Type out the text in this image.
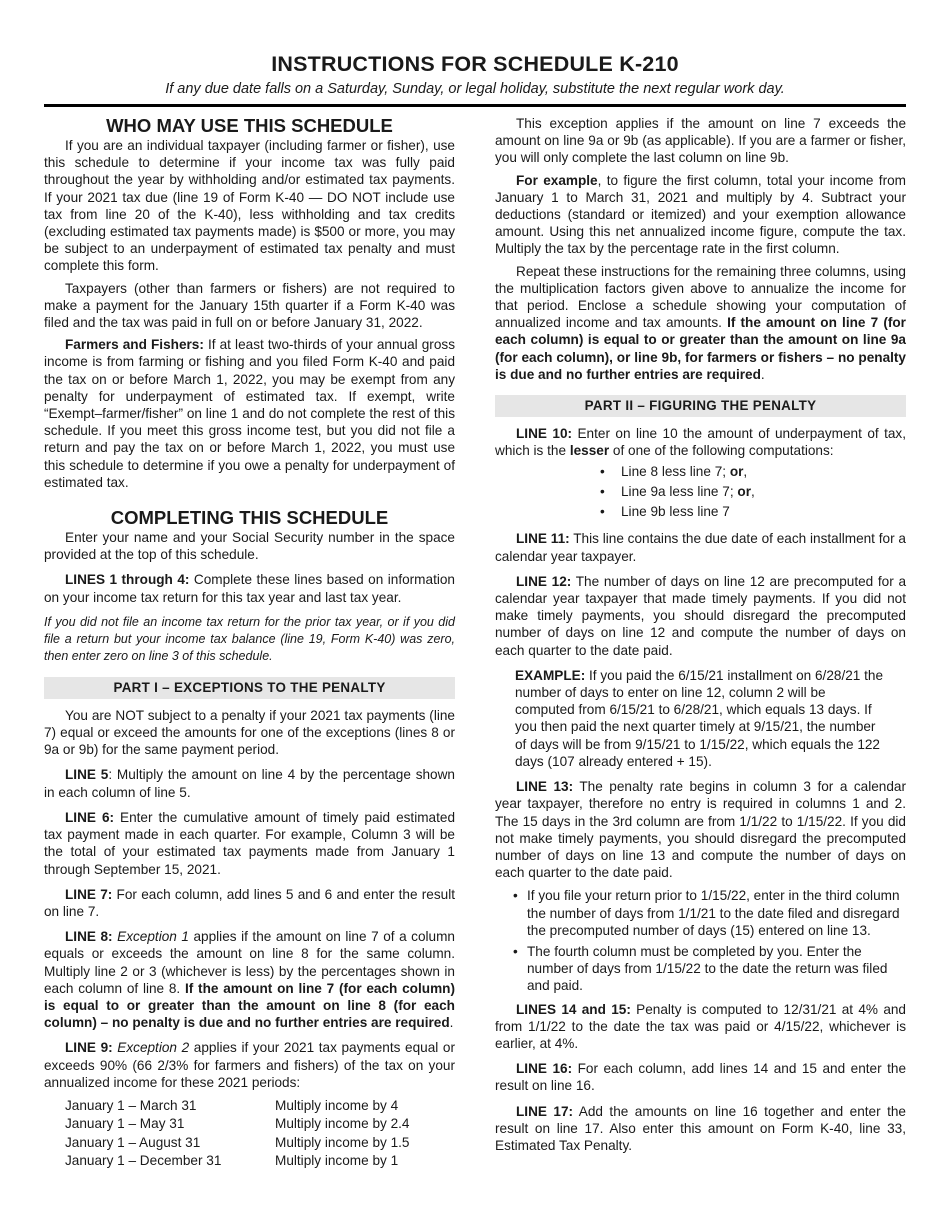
INSTRUCTIONS FOR SCHEDULE K-210
If any due date falls on a Saturday, Sunday, or legal holiday, substitute the next regular work day.
WHO MAY USE THIS SCHEDULE

If you are an individual taxpayer (including farmer or fisher), use this schedule to determine if your income tax was fully paid throughout the year by withholding and/or estimated tax payments. If your 2021 tax due (line 19 of Form K-40 — DO NOT include use tax from line 20 of the K-40), less withholding and tax credits (excluding estimated tax payments made) is $500 or more, you may be subject to an underpayment of estimated tax penalty and must complete this form.

Taxpayers (other than farmers or fishers) are not required to make a payment for the January 15th quarter if a Form K-40 was filed and the tax was paid in full on or before January 31, 2022.

Farmers and Fishers: If at least two-thirds of your annual gross income is from farming or fishing and you filed Form K-40 and paid the tax on or before March 1, 2022, you may be exempt from any penalty for underpayment of estimated tax. If exempt, write “Exempt–farmer/fisher” on line 1 and do not complete the rest of this schedule. If you meet this gross income test, but you did not file a return and pay the tax on or before March 1, 2022, you must use this schedule to determine if you owe a penalty for underpayment of estimated tax.

COMPLETING THIS SCHEDULE

Enter your name and your Social Security number in the space provided at the top of this schedule.

LINES 1 through 4: Complete these lines based on information on your income tax return for this tax year and last tax year.

If you did not file an income tax return for the prior tax year, or if you did file a return but your income tax balance (line 19, Form K-40) was zero, then enter zero on line 3 of this schedule.

PART I – EXCEPTIONS TO THE PENALTY

You are NOT subject to a penalty if your 2021 tax payments (line 7) equal or exceed the amounts for one of the exceptions (lines 8 or 9a or 9b) for the same payment period.

LINE 5: Multiply the amount on line 4 by the percentage shown in each column of line 5.

LINE 6: Enter the cumulative amount of timely paid estimated tax payment made in each quarter. For example, Column 3 will be the total of your estimated tax payments made from January 1 through September 15, 2021.

LINE 7: For each column, add lines 5 and 6 and enter the result on line 7.

LINE 8: Exception 1 applies if the amount on line 7 of a column equals or exceeds the amount on line 8 for the same column. Multiply line 2 or 3 (whichever is less) by the percentages shown in each column of line 8. If the amount on line 7 (for each column) is equal to or greater than the amount on line 8 (for each column) – no penalty is due and no further entries are required.

LINE 9: Exception 2 applies if your 2021 tax payments equal or exceeds 90% (66 2/3% for farmers and fishers) of the tax on your annualized income for these 2021 periods:

January 1 – March 31	Multiply income by 4
January 1 – May 31	Multiply income by 2.4
January 1 – August 31	Multiply income by 1.5
January 1 – December 31	Multiply income by 1

This exception applies if the amount on line 7 exceeds the amount on line 9a or 9b (as applicable). If you are a farmer or fisher, you will only complete the last column on line 9b.

For example, to figure the first column, total your income from January 1 to March 31, 2021 and multiply by 4. Subtract your deductions (standard or itemized) and your exemption allowance amount. Using this net annualized income figure, compute the tax. Multiply the tax by the percentage rate in the first column.

Repeat these instructions for the remaining three columns, using the multiplication factors given above to annualize the income for that period. Enclose a schedule showing your computation of annualized income and tax amounts. If the amount on line 7 (for each column) is equal to or greater than the amount on line 9a (for each column), or line 9b, for farmers or fishers – no penalty is due and no further entries are required.

PART II – FIGURING THE PENALTY

LINE 10: Enter on line 10 the amount of underpayment of tax, which is the lesser of one of the following computations:

• Line 8 less line 7; or,
• Line 9a less line 7; or,
• Line 9b less line 7

LINE 11: This line contains the due date of each installment for a calendar year taxpayer.

LINE 12: The number of days on line 12 are precomputed for a calendar year taxpayer that made timely payments. If you did not make timely payments, you should disregard the precomputed number of days on line 12 and compute the number of days on each quarter to the date paid.

EXAMPLE: If you paid the 6/15/21 installment on 6/28/21 the number of days to enter on line 12, column 2 will be computed from 6/15/21 to 6/28/21, which equals 13 days. If you then paid the next quarter timely at 9/15/21, the number of days will be from 9/15/21 to 1/15/22, which equals the 122 days (107 already entered + 15).

LINE 13: The penalty rate begins in column 3 for a calendar year taxpayer, therefore no entry is required in columns 1 and 2. The 15 days in the 3rd column are from 1/1/22 to 1/15/22. If you did not make timely payments, you should disregard the precomputed number of days on line 13 and compute the number of days on each quarter to the date paid.

• If you file your return prior to 1/15/22, enter in the third column the number of days from 1/1/21 to the date filed and disregard the precomputed number of days (15) entered on line 13.
• The fourth column must be completed by you. Enter the number of days from 1/15/22 to the date the return was filed and paid.

LINES 14 and 15: Penalty is computed to 12/31/21 at 4% and from 1/1/22 to the date the tax was paid or 4/15/22, whichever is earlier, at 4%.

LINE 16: For each column, add lines 14 and 15 and enter the result on line 16.

LINE 17: Add the amounts on line 16 together and enter the result on line 17. Also enter this amount on Form K-40, line 33, Estimated Tax Penalty.
